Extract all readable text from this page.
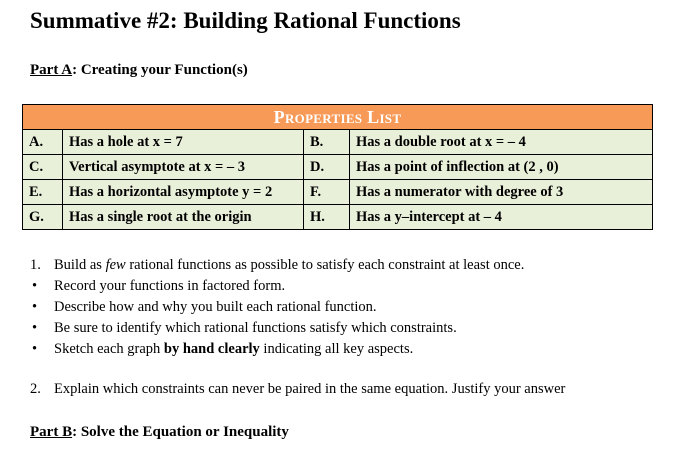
Summative #2: Building Rational Functions
Part A: Creating your Function(s)
Properties List			
A.	Has a hole at x = 7	B.	Has a double root at x = – 4
C.	Vertical asymptote at x = – 3	D.	Has a point of inflection at (2 , 0)
E.	Has a horizontal asymptote y = 2	F.	Has a numerator with degree of 3
G.	Has a single root at the origin	H.	Has a y–intercept at – 4
1. Build as few rational functions as possible to satisfy each constraint at least once.
• Record your functions in factored form.
• Describe how and why you built each rational function.
• Be sure to identify which rational functions satisfy which constraints.
• Sketch each graph by hand clearly indicating all key aspects.
2. Explain which constraints can never be paired in the same equation. Justify your answer
Part B: Solve the Equation or Inequality
